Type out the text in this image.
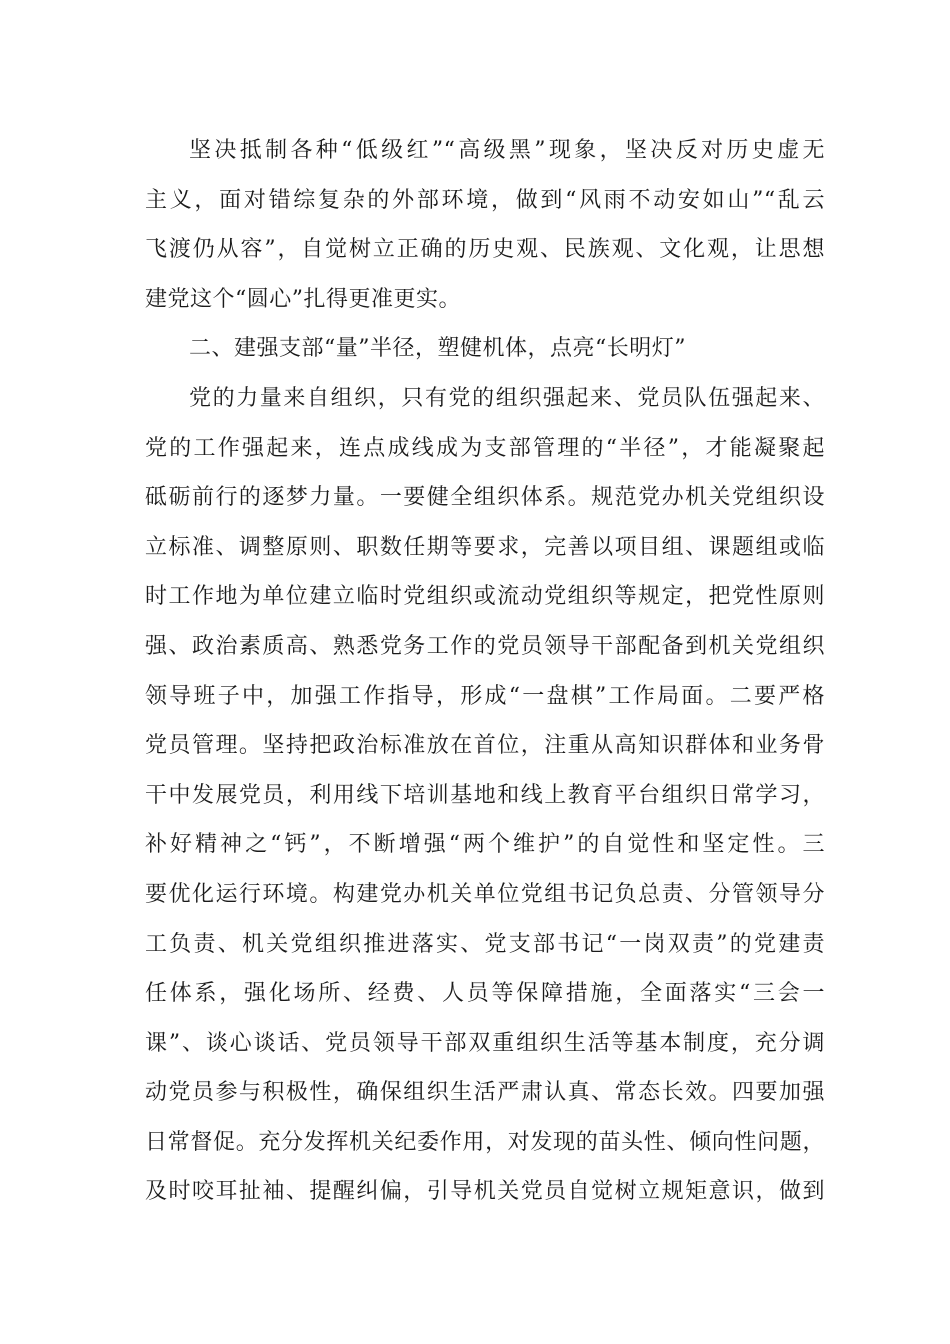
坚决抵制各种“低级红”“高级黑”现象，坚决反对历史虚无
主义，面对错综复杂的外部环境，做到“风雨不动安如山”“乱云
飞渡仍从容”，自觉树立正确的历史观、民族观、文化观，让思想
建党这个“圆心”扎得更准更实。
二、建强支部“量”半径，塑健机体，点亮“长明灯”
党的力量来自组织，只有党的组织强起来、党员队伍强起来、
党的工作强起来，连点成线成为支部管理的“半径”，才能凝聚起
砥砺前行的逐梦力量。一要健全组织体系。规范党办机关党组织设
立标准、调整原则、职数任期等要求，完善以项目组、课题组或临
时工作地为单位建立临时党组织或流动党组织等规定，把党性原则
强、政治素质高、熟悉党务工作的党员领导干部配备到机关党组织
领导班子中，加强工作指导，形成“一盘棋”工作局面。二要严格
党员管理。坚持把政治标准放在首位，注重从高知识群体和业务骨
干中发展党员，利用线下培训基地和线上教育平台组织日常学习，
补好精神之“钙”，不断增强“两个维护”的自觉性和坚定性。三
要优化运行环境。构建党办机关单位党组书记负总责、分管领导分
工负责、机关党组织推进落实、党支部书记“一岗双责”的党建责
任体系，强化场所、经费、人员等保障措施，全面落实“三会一
课”、谈心谈话、党员领导干部双重组织生活等基本制度，充分调
动党员参与积极性，确保组织生活严肃认真、常态长效。四要加强
日常督促。充分发挥机关纪委作用，对发现的苗头性、倾向性问题，
及时咬耳扯袖、提醒纠偏，引导机关党员自觉树立规矩意识，做到
